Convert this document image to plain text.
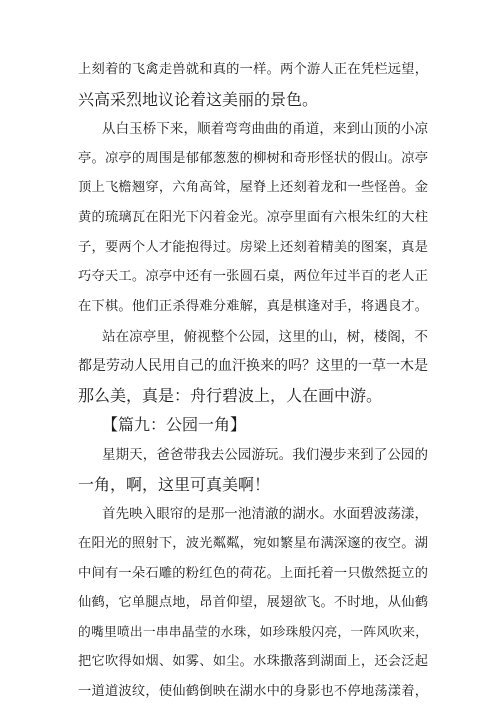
上刻着的飞禽走兽就和真的一样。两个游人正在凭栏远望，
兴高采烈地议论着这美丽的景色。
从白玉桥下来，顺着弯弯曲曲的甬道，来到山顶的小凉
亭。凉亭的周围是郁郁葱葱的柳树和奇形怪状的假山。凉亭
顶上飞檐翘穿，六角高耸，屋脊上还刻着龙和一些怪兽。金
黄的琉璃瓦在阳光下闪着金光。凉亭里面有六根朱红的大柱
子，要两个人才能抱得过。房梁上还刻着精美的图案，真是
巧夺天工。凉亭中还有一张圆石桌，两位年过半百的老人正
在下棋。他们正杀得难分难解，真是棋逢对手，将遇良才。
站在凉亭里，俯视整个公园，这里的山，树，楼阁，不
都是劳动人民用自己的血汗换来的吗？这里的一草一木是
那么美，真是：舟行碧波上，人在画中游。
【篇九：公园一角】
星期天，爸爸带我去公园游玩。我们漫步来到了公园的
一角，啊，这里可真美啊！
首先映入眼帘的是那一池清澈的湖水。水面碧波荡漾，
在阳光的照射下，波光粼粼，宛如繁星布满深邃的夜空。湖
中间有一朵石雕的粉红色的荷花。上面托着一只傲然挺立的
仙鹤，它单腿点地，昂首仰望，展翅欲飞。不时地，从仙鹤
的嘴里喷出一串串晶莹的水珠，如珍珠般闪亮，一阵风吹来，
把它吹得如烟、如雾、如尘。水珠撒落到湖面上，还会泛起
一道道波纹，使仙鹤倒映在湖水中的身影也不停地荡漾着，
